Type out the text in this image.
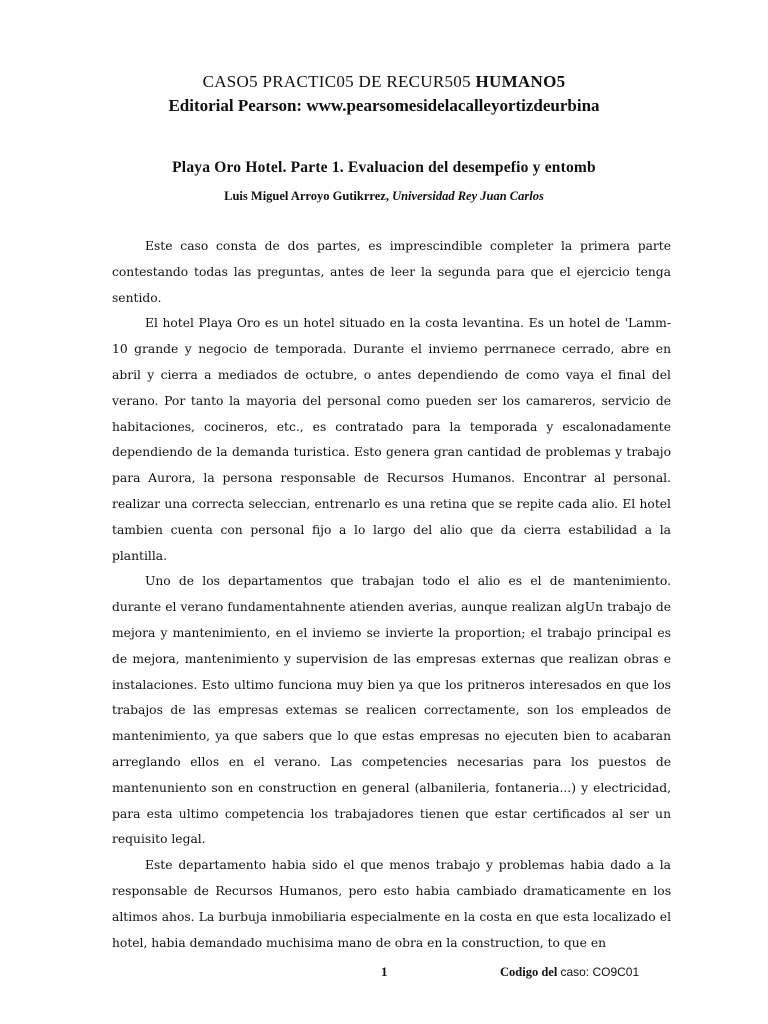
CASO5 PRACTIC05 DE RECUR505 HUMANO5
Editorial Pearson: www.pearsomesidelacalleyortizdeurbina
Playa Oro Hotel. Parte 1. Evaluacion del desempefio y entomb
Luis Miguel Arroyo Gutikrrez, Universidad Rey Juan Carlos

Este caso consta de dos partes, es imprescindible completer la primera parte contestando todas las preguntas, antes de leer la segunda para que el ejercicio tenga sentido.

El hotel Playa Oro es un hotel situado en la costa levantina. Es un hotel de 'Lamm-10 grande y negocio de temporada. Durante el inviemo perrnanece cerrado, abre en abril y cierra a mediados de octubre, o antes dependiendo de como vaya el final del verano. Por tanto la mayoria del personal como pueden ser los camareros, servicio de habitaciones, cocineros, etc., es contratado para la temporada y escalonadamente dependiendo de la demanda turistica. Esto genera gran cantidad de problemas y trabajo para Aurora, la persona responsable de Recursos Humanos. Encontrar al personal. realizar una correcta seleccian, entrenarlo es una retina que se repite cada alio. El hotel tambien cuenta con personal fijo a lo largo del alio que da cierra estabilidad a la plantilla.

Uno de los departamentos que trabajan todo el alio es el de mantenimiento. durante el verano fundamentahnente atienden averias, aunque realizan algUn trabajo de mejora y mantenimiento, en el inviemo se invierte la proportion; el trabajo principal es de mejora, mantenimiento y supervision de las empresas externas que realizan obras e instalaciones. Esto ultimo funciona muy bien ya que los pritneros interesados en que los trabajos de las empresas extemas se realicen correctamente, son los empleados de mantenimiento, ya que sabers que lo que estas empresas no ejecuten bien to acabaran arreglando ellos en el verano. Las competencies necesarias para los puestos de mantenuniento son en construction en general (albanileria, fontaneria...) y electricidad, para esta ultimo competencia los trabajadores tienen que estar certificados al ser un requisito legal.

Este departamento habia sido el que menos trabajo y problemas habia dado a la responsable de Recursos Humanos, pero esto habia cambiado dramaticamente en los altimos ahos. La burbuja inmobiliaria especialmente en la costa en que esta localizado el hotel, habia demandado muchisima mano de obra en la construction, to que en

1	Codigo del caso: CO9C01
